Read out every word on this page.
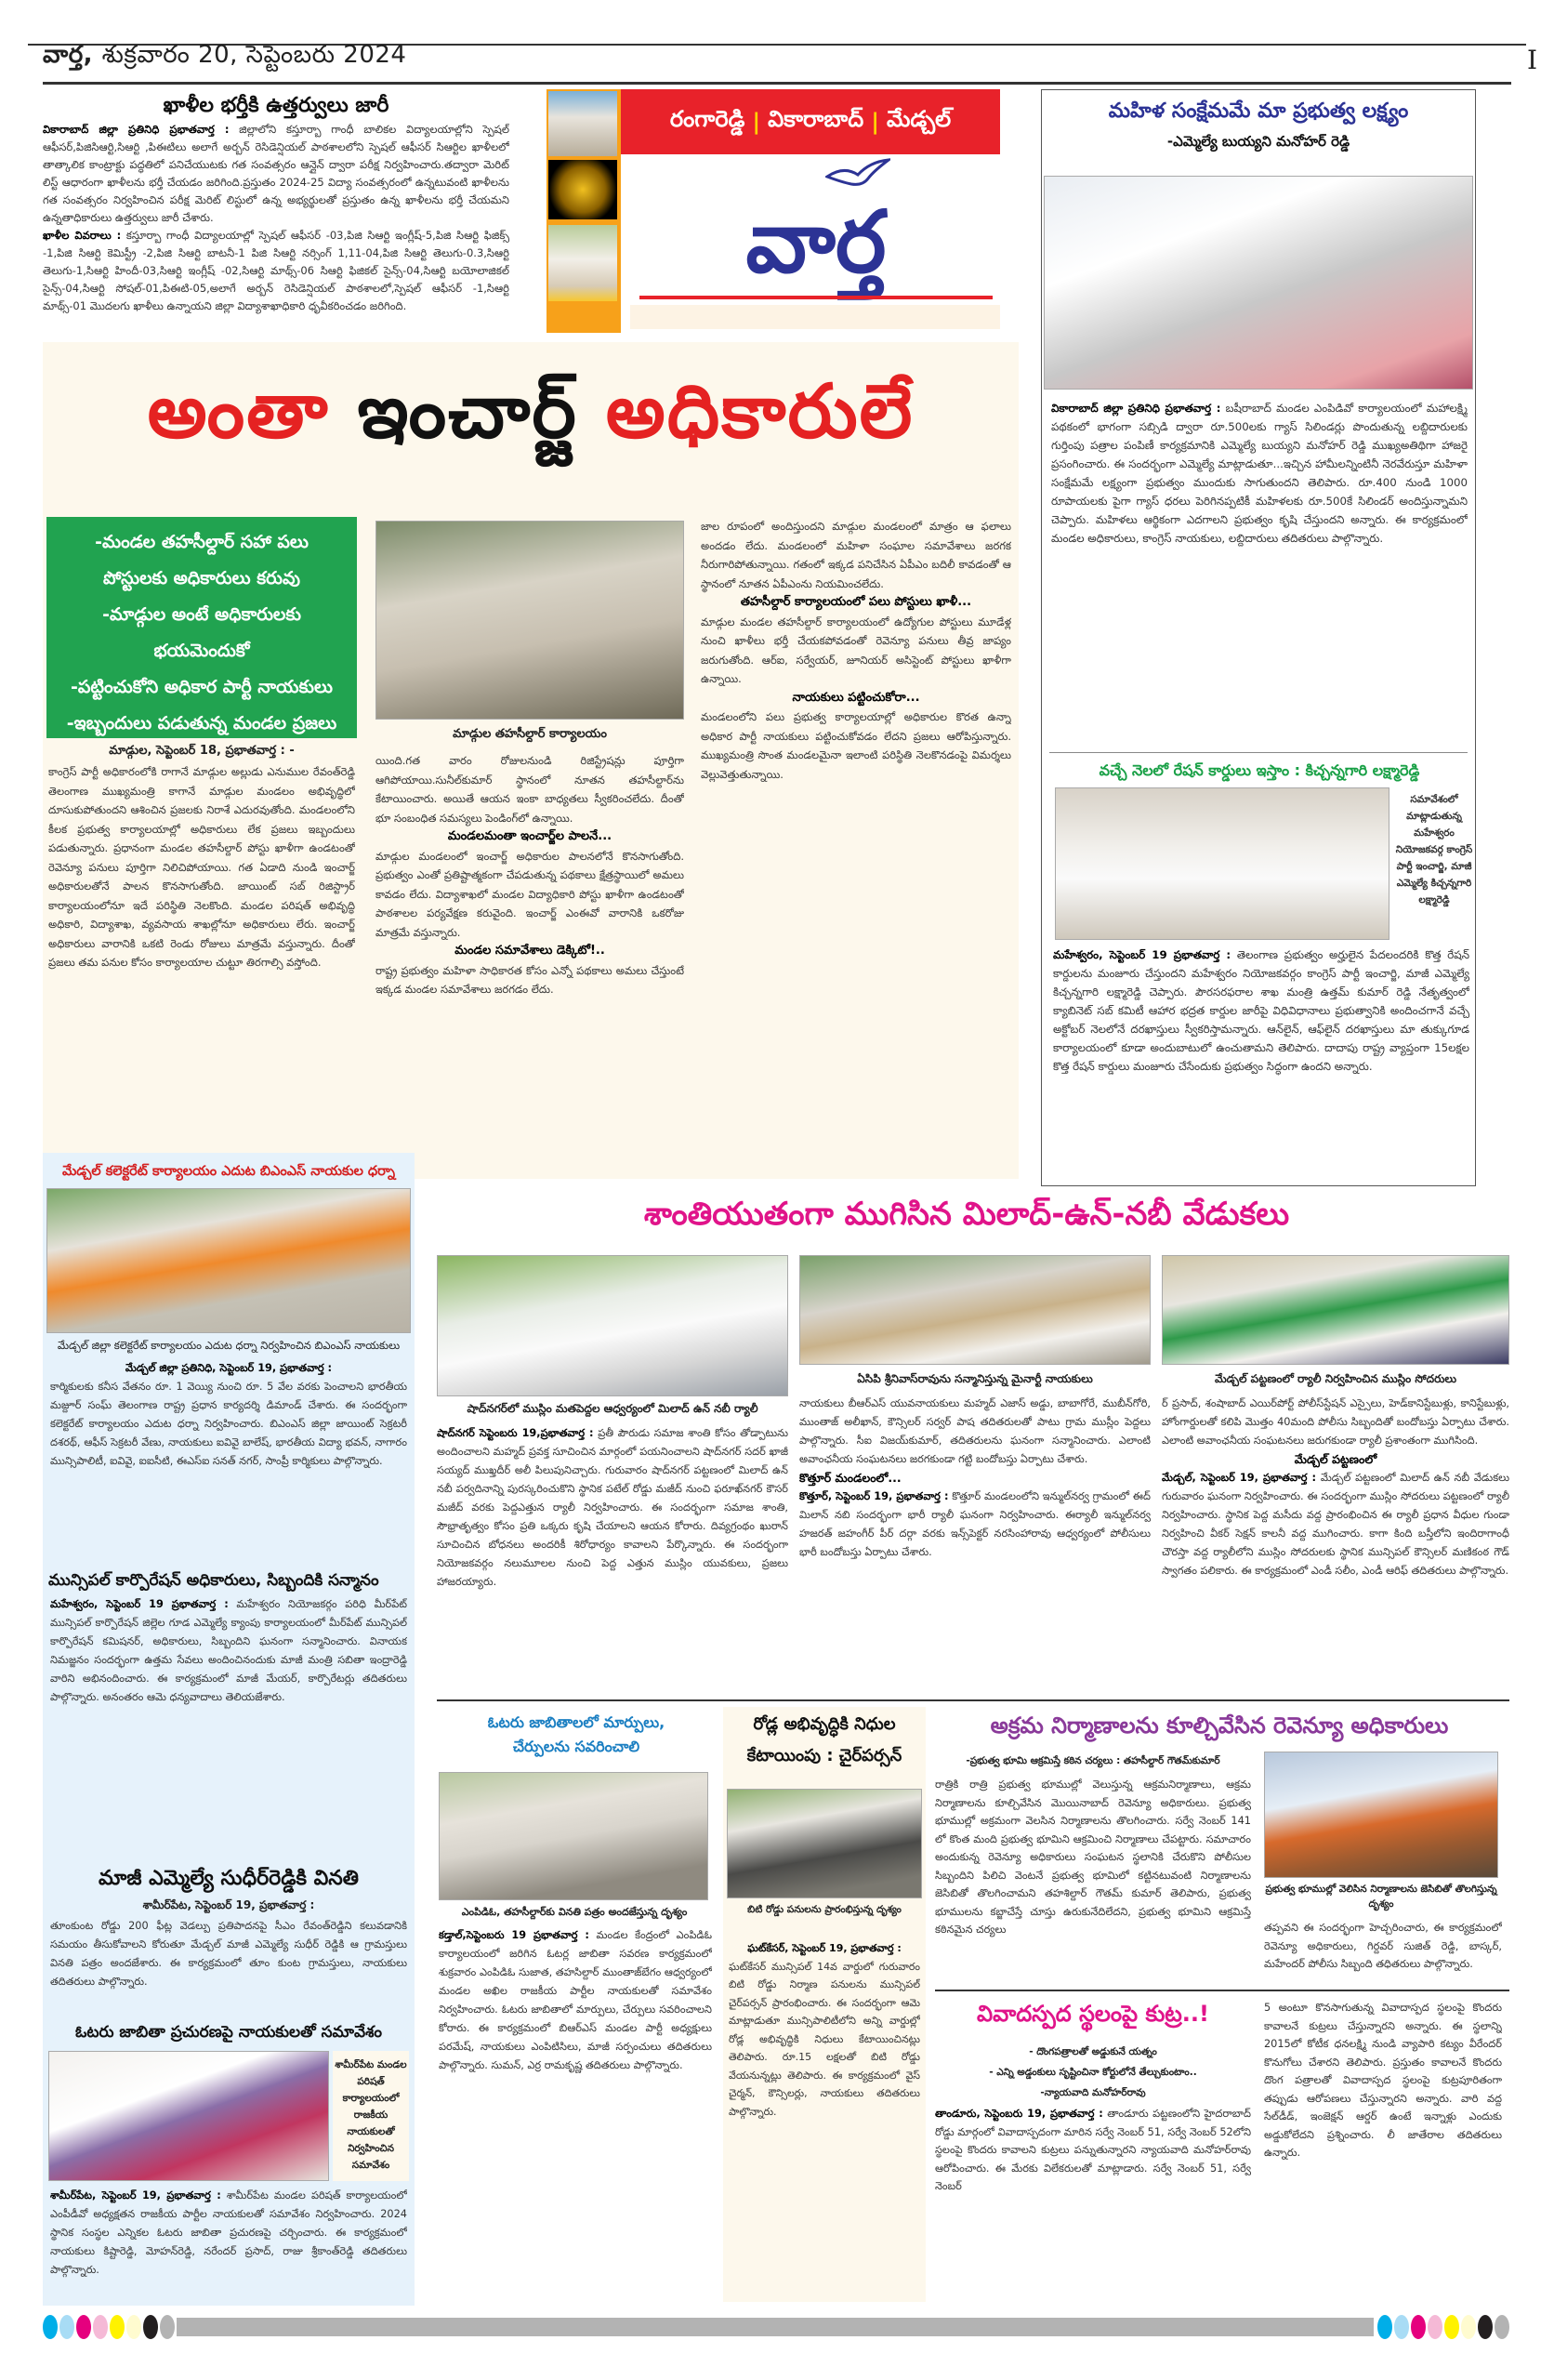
వార్త, శుక్రవారం 20, సెప్టెంబరు 2024	I
ఖాళీల భర్తీకి ఉత్తర్వులు జారీ
వికారాబాద్ జిల్లా ప్రతినిధి ప్రభాతవార్త : జిల్లాలోని కస్తూర్బా గాంధీ బాలికల విద్యాలయాల్లోని స్పెషల్ ఆఫీసర్,పిజిసిఆర్టి,సిఆర్టి ,పిఈటిలు అలాగే అర్బన్ రెసిడెన్షియల్ పాఠశాలలోని స్పెషల్ ఆఫీసర్ సిఆర్టిల ఖాళీలలో తాత్కాలిక కాంట్రాక్టు పద్ధతిలో పనిచేయుటకు గత సంవత్సరం ఆన్లైన్ ద్వారా పరీక్ష నిర్వహించారు.తద్వారా మెరిట్ లిస్ట్ ఆధారంగా ఖాళీలను భర్తీ చేయడం జరిగింది.ప్రస్తుతం 2024-25 విద్యా సంవత్సరంలో ఉన్నటువంటి ఖాళీలను గత సంవత్సరం నిర్వహించిన పరీక్ష మెరిట్ లిస్టులో ఉన్న అభ్యర్థులతో ప్రస్తుతం ఉన్న ఖాళీలను భర్తీ చేయమని ఉన్నతాధికారులు ఉత్తర్వులు జారీ చేశారు.
ఖాళీల వివరాలు : కస్తూర్బా గాంధీ విద్యాలయాల్లో స్పెషల్ ఆఫీసర్ -03,పిజి సిఆర్టి ఇంగ్లీష్-5,పిజి సిఆర్టి ఫిజిక్స్ -1,పిజి సిఆర్టి కెమిస్ట్రీ -2,పిజి సిఆర్టి బాటనీ-1 పిజి సిఆర్టి నర్సింగ్ 1,11-04,పిజి సిఆర్టి తెలుగు-0.3,సిఆర్టి తెలుగు-1,సిఆర్టి హిందీ-03,సిఆర్టి ఇంగ్లీష్ -02,సిఆర్టి మాథ్స్-06 సిఆర్టి ఫిజికల్ సైన్స్-04,సిఆర్టి బయోలాజికల్ సైన్స్-04,సిఆర్టి సోషల్-01,పిఈటి-05,అలాగే అర్బన్ రెసిడెన్షియల్ పాఠశాలలో,స్పెషల్ ఆఫీసర్ -1,సిఆర్టి మాథ్స్-01 మొదలగు ఖాళీలు ఉన్నాయని జిల్లా విద్యాశాఖాధికారి ధృవీకరించడం జరిగింది.
రంగారెడ్డి | వికారాబాద్ | మేడ్చల్
వార్త
మహిళ సంక్షేమమే మా ప్రభుత్వ లక్ష్యం
-ఎమ్మెల్యే బుయ్యని మనోహర్ రెడ్డి
వికారాబాద్ జిల్లా ప్రతినిధి ప్రభాతవార్త : బషీరాబాద్ మండల ఎంపిడివో కార్యాలయంలో మహాలక్ష్మి పథకంలో భాగంగా సబ్సిడి ద్వారా రూ.500లకు గ్యాస్ సిలిండర్లు పొందుతున్న లబ్దిదారులకు గుర్తింపు పత్రాల పంపిణీ కార్యక్రమానికి ఎమ్మెల్యే బుయ్యని మనోహర్ రెడ్డి ముఖ్యఅతిథిగా హాజరై ప్రసంగించారు. ఈ సందర్భంగా ఎమ్మెల్యే మాట్లాడుతూ...ఇచ్చిన హామీలన్నింటినీ నెరవేరుస్తూ మహిళా సంక్షేమమే లక్ష్యంగా ప్రభుత్వం ముందుకు సాగుతుందని తెలిపారు. రూ.400 నుండి 1000 రూపాయలకు పైగా గ్యాస్ ధరలు పెరిగినప్పటికీ మహిళలకు రూ.500కే సిలిండర్ అందిస్తున్నామని చెప్పారు. మహిళలు ఆర్థికంగా ఎదగాలని ప్రభుత్వం కృషి చేస్తుందని అన్నారు. ఈ కార్యక్రమంలో మండల అధికారులు, కాంగ్రెస్ నాయకులు, లబ్దిదారులు తదితరులు పాల్గొన్నారు.
వచ్చే నెలలో రేషన్ కార్డులు ఇస్తాం : కిచ్చన్నగారి లక్ష్మారెడ్డి
సమావేశంలో మాట్లాడుతున్న మహేశ్వరం నియోజకవర్గ కాంగ్రెస్ పార్టీ ఇంచార్జి, మాజీ ఎమ్మెల్యే కిచ్చన్నగారి లక్ష్మారెడ్డి
మహేశ్వరం, సెప్టెంబర్ 19 ప్రభాతవార్త : తెలంగాణ ప్రభుత్వం అర్హులైన పేదలందరికి కొత్త రేషన్ కార్డులను మంజూరు చేస్తుందని మహేశ్వరం నియోజకవర్గం కాంగ్రెస్ పార్టీ ఇంచార్జి, మాజీ ఎమ్మెల్యే కిచ్చన్నగారి లక్ష్మారెడ్డి చెప్పారు. పౌరసరఫరాల శాఖ మంత్రి ఉత్తమ్ కుమార్ రెడ్డి నేతృత్వంలో క్యాబినెట్ సబ్ కమిటీ ఆహార భద్రత కార్డుల జారీపై విధివిధానాలు ప్రభుత్వానికి అందించగానే వచ్చే అక్టోబర్ నెలలోనే దరఖాస్తులు స్వీకరిస్తామన్నారు. ఆన్‌లైన్, ఆఫ్‌లైన్ దరఖాస్తులు మా తుక్కుగూడ కార్యాలయంలో కూడా అందుబాటులో ఉంచుతామని తెలిపారు. దాదాపు రాష్ట్ర వ్యాప్తంగా 15లక్షల కొత్త రేషన్ కార్డులు మంజూరు చేసేందుకు ప్రభుత్వం సిద్ధంగా ఉందని అన్నారు.
అంతా ఇంచార్జ్ అధికారులే
-మండల తహసీల్దార్ సహా పలు
పోస్టులకు అధికారులు కరువు
-మాడ్గుల అంటే అధికారులకు
భయమెందుకో
-పట్టించుకోని అధికార పార్టీ నాయకులు
-ఇబ్బందులు పడుతున్న మండల ప్రజలు
మాడ్గుల తహసీల్దార్ కార్యాలయం
మాడ్గుల, సెప్టెంబర్ 18, ప్రభాతవార్త : -
కాంగ్రెస్ పార్టీ అధికారంలోకి రాగానే మాడ్గుల అల్లుడు ఎనుముల రేవంత్‌రెడ్డి తెలంగాణ ముఖ్యమంత్రి కాగానే మాడ్గుల మండలం అభివృద్ధిలో దూసుకుపోతుందని ఆశించిన ప్రజలకు నిరాశే ఎదురవుతోంది. మండలంలోని కీలక ప్రభుత్వ కార్యాలయాల్లో అధికారులు లేక ప్రజలు ఇబ్బందులు పడుతున్నారు. ప్రధానంగా మండల తహసీల్దార్ పోస్టు ఖాళీగా ఉండటంతో రెవెన్యూ పనులు పూర్తిగా నిలిచిపోయాయి. గత ఏడాది నుండి ఇంచార్జ్ అధికారులతోనే పాలన కొనసాగుతోంది. జాయింట్ సబ్ రిజిస్ట్రార్ కార్యాలయంలోనూ ఇదే పరిస్థితి నెలకొంది. మండల పరిషత్ అభివృద్ధి అధికారి, విద్యాశాఖ, వ్యవసాయ శాఖల్లోనూ అధికారులు లేరు. ఇంచార్జ్ అధికారులు వారానికి ఒకటి రెండు రోజులు మాత్రమే వస్తున్నారు. దీంతో ప్రజలు తమ పనుల కోసం కార్యాలయాల చుట్టూ తిరగాల్సి వస్తోంది.
యింది.గత వారం రోజులనుండి రిజిస్ట్రేషన్లు పూర్తిగా ఆగిపోయాయి.సునీల్‌కుమార్ స్థానంలో నూతన తహసీల్దార్‌ను కేటాయించారు. అయితే ఆయన ఇంకా బాధ్యతలు స్వీకరించలేదు. దీంతో భూ సంబంధిత సమస్యలు పెండింగ్‌లో ఉన్నాయి.
మండలమంతా ఇంచార్జ్‌ల పాలనే...
మాడ్గుల మండలంలో ఇంచార్జ్ అధికారుల పాలనలోనే కొనసాగుతోంది. ప్రభుత్వం ఎంతో ప్రతిష్టాత్మకంగా చేపడుతున్న పథకాలు క్షేత్రస్థాయిలో అమలు కావడం లేదు. విద్యాశాఖలో మండల విద్యాధికారి పోస్టు ఖాళీగా ఉండటంతో పాఠశాలల పర్యవేక్షణ కరువైంది. ఇంచార్జ్ ఎంఈవో వారానికి ఒకరోజు మాత్రమే వస్తున్నారు.
మండల సమావేశాలు డెక్కిటో!..
రాష్ట్ర ప్రభుత్వం మహిళా సాధికారత కోసం ఎన్నో పథకాలు అమలు చేస్తుంటే ఇక్కడ మండల సమావేశాలు జరగడం లేదు.
జాల రూపంలో అందిస్తుందని మాడ్గుల మండలంలో మాత్రం ఆ ఫలాలు అందడం లేదు. మండలంలో మహిళా సంఘాల సమావేశాలు జరగక నీరుగారిపోతున్నాయి. గతంలో ఇక్కడ పనిచేసిన ఏపీఎం బదిలీ కావడంతో ఆ స్థానంలో నూతన ఏపీఎంను నియమించలేదు.
తహసీల్దార్ కార్యాలయంలో పలు పోస్టులు ఖాళీ...
మాడ్గుల మండల తహసీల్దార్ కార్యాలయంలో ఉద్యోగుల పోస్టులు మూడేళ్ల నుంచి ఖాళీలు భర్తీ చేయకపోవడంతో రెవెన్యూ పనులు తీవ్ర జాప్యం జరుగుతోంది. ఆర్‌ఐ, సర్వేయర్, జూనియర్ అసిస్టెంట్ పోస్టులు ఖాళీగా ఉన్నాయి.
నాయకులు పట్టించుకోరా...
మండలంలోని పలు ప్రభుత్వ కార్యాలయాల్లో అధికారుల కొరత ఉన్నా అధికార పార్టీ నాయకులు పట్టించుకోవడం లేదని ప్రజలు ఆరోపిస్తున్నారు. ముఖ్యమంత్రి సొంత మండలమైనా ఇలాంటి పరిస్థితి నెలకొనడంపై విమర్శలు వెల్లువెత్తుతున్నాయి.
మేడ్చల్ కలెక్టరేట్ కార్యాలయం ఎదుట బిఎంఎస్ నాయకుల ధర్నా
మేడ్చల్ జిల్లా కలెక్టరేట్ కార్యాలయం ఎదుట ధర్నా నిర్వహించిన బిఎంఎస్ నాయకులు
మేడ్చల్ జిల్లా ప్రతినిధి, సెప్టెంబర్ 19, ప్రభాతవార్త :
కార్మికులకు కనీస వేతనం రూ. 1 వెయ్యి నుంచి రూ. 5 వేల వరకు పెంచాలని భారతీయ మజ్దూర్ సంఘ్ తెలంగాణ రాష్ట్ర ప్రధాన కార్యదర్శి డిమాండ్ చేశారు. ఈ సందర్భంగా కలెక్టరేట్ కార్యాలయం ఎదుట ధర్నా నిర్వహించారు. బిఎంఎస్ జిల్లా జాయింట్ సెక్రటరీ దశరథ్, ఆఫీస్ సెక్రటరీ వేణు, నాయకులు ఐవివై బాలేష్, భారతీయ విద్యా భవన్, నాగారం మున్సిపాలిటీ, ఐవివై, ఐఐసీటి, ఈఎస్ఐ సనత్ నగర్, సాంప్రీ కార్మికులు పాల్గొన్నారు.
మున్సిపల్ కార్పొరేషన్ అధికారులు, సిబ్బందికి సన్మానం
మహేశ్వరం, సెప్టెంబర్ 19 ప్రభాతవార్త : మహేశ్వరం నియోజకర్గం పరిధి మీర్‌పేట్ మున్సిపల్ కార్పొరేషన్ జిల్లెల గూడ ఎమ్మెల్యే క్యాంపు కార్యాలయంలో మీర్‌పేట్ మున్సిపల్ కార్పొరేషన్ కమిషనర్, అధికారులు, సిబ్బందిని ఘనంగా సన్మానించారు. వినాయక నిమజ్జనం సందర్భంగా ఉత్తమ సేవలు అందించినందుకు మాజీ మంత్రి సబితా ఇంద్రారెడ్డి వారిని అభినందించారు. ఈ కార్యక్రమంలో మాజీ మేయర్, కార్పొరేటర్లు తదితరులు పాల్గొన్నారు. అనంతరం ఆమె ధన్యవాదాలు తెలియజేశారు.
మాజీ ఎమ్మెల్యే సుధీర్‌రెడ్డికి వినతి
శామీర్‌పేట, సెప్టెంబర్ 19, ప్రభాతవార్త :
తూంకుంట రోడ్డు 200 ఫీట్ల వెడల్పు ప్రతిపాదనపై సీఎం రేవంత్‌రెడ్డిని కలువడానికి సమయం తీసుకోవాలని కోరుతూ మేడ్చల్ మాజీ ఎమ్మెల్యే సుధీర్ రెడ్డికి ఆ గ్రామస్తులు వినతి పత్రం అందజేశారు. ఈ కార్యక్రమంలో తూం కుంట గ్రామస్తులు, నాయకులు తదితరులు పాల్గొన్నారు.
ఓటరు జాబితా ప్రచురణపై నాయకులతో సమావేశం
శామీర్‌పేట మండల పరిషత్ కార్యాలయంలో రాజకీయ నాయకులతో నిర్వహించిన సమావేశం
శామీర్‌పేట, సెప్టెంబర్ 19, ప్రభాతవార్త : శామీర్‌పేట మండల పరిషత్ కార్యాలయంలో ఎంపీడీవో అధ్యక్షతన రాజకీయ పార్టీల నాయకులతో సమావేశం నిర్వహించారు. 2024 స్థానిక సంస్థల ఎన్నికల ఓటరు జాబితా ప్రచురణపై చర్చించారు. ఈ కార్యక్రమంలో నాయకులు కిష్టారెడ్డి, మోహన్‌రెడ్డి, నరేందర్ ప్రసాద్, రాజు శ్రీకాంత్‌రెడ్డి తదితరులు పాల్గొన్నారు.
శాంతియుతంగా ముగిసిన మిలాద్-ఉన్-నబీ వేడుకలు
షాద్‌నగర్‌లో ముస్లిం మతపెద్దల ఆధ్వర్యంలో మిలాద్ ఉన్ నబీ ర్యాలీ
ఏసిపి శ్రీనివాస్‌రావును సన్మానిస్తున్న మైనార్టీ నాయకులు	మేడ్చల్ పట్టణంలో ర్యాలీ నిర్వహించిన ముస్లిం సోదరులు
షాద్‌నగర్ సెప్టెంబరు 19,ప్రభాతవార్త : ప్రతీ పౌరుడు సమాజ శాంతి కోసం తోడ్పాటును అందించాలని మహ్మద్ ప్రవక్త సూచించిన మార్గంలో పయనించాలని షాద్‌నగర్ సదర్ ఖాజీ సయ్యద్ ముఖ్తదీర్ అలీ పిలుపునిచ్చారు. గురువారం షాద్‌నగర్ పట్టణంలో మిలాద్ ఉన్ నబీ పర్వదినాన్ని పురస్కరించుకొని స్థానిక పటేల్ రోడ్డు మజీద్ నుంచి ఫరూఖ్‌నగర్ కౌసర్ మజీద్ వరకు పెద్దఎత్తున ర్యాలీ నిర్వహించారు. ఈ సందర్భంగా సమాజ శాంతి, సౌభ్రాతృత్వం కోసం ప్రతి ఒక్కరు కృషి చేయాలని ఆయన కోరారు. దివ్యగ్రంథం ఖురాన్ సూచించిన బోధనలు అందరికీ శిరోధార్యం కావాలని పేర్కొన్నారు. ఈ సందర్భంగా నియోజకవర్గం నలుమూలల నుంచి పెద్ద ఎత్తున ముస్లిం యువకులు, ప్రజలు హాజరయ్యారు.
నాయకులు బీఆర్ఎస్ యువనాయకులు మహ్మద్ ఎజాస్ అడ్డు, బాబాగోరే, ముబీన్‌గోరి, ముంతాజ్ అలీఖాన్, కౌన్సిలర్ సర్వర్ పాష తదితరులతో పాటు గ్రామ ముస్లీం పెద్దలు పాల్గొన్నారు. సీఐ విజయ్‌కుమార్, తదితరులను ఘనంగా సన్మానించారు. ఎలాంటి అవాంఛనీయ సంఘటనలు జరగకుండా గట్టి బందోబస్తు ఏర్పాటు చేశారు.
కొత్తూర్ మండలంలో...
కొత్తూర్, సెప్టెంబర్ 19, ప్రభాతవార్త : కొత్తూర్ మండలంలోని ఇన్ముల్‌నర్వ గ్రామంలో ఈద్ మిలాన్ నబి సందర్భంగా భారీ ర్యాలీ ఘనంగా నిర్వహించారు. ఈర్యాలీ ఇన్ముల్‌నర్వ హజరత్ జహంగీర్ పీర్ దర్గా వరకు ఇన్స్‌పెక్టర్ నరసింహారావు ఆధ్వర్యంలో పోలీసులు భారీ బందోబస్తు ఏర్పాటు చేశారు.
ర్ ప్రసాద్, శంషాబాద్ ఎయిర్‌పోర్ట్ పోలీస్‌స్టేషన్ ఎస్సైలు, హెడ్‌కానిస్టేబుళ్లు, కానిస్టేబుళ్లు, హోంగార్డులతో కలిపి మొత్తం 40మంది పోలీసు సిబ్బందితో బందోబస్తు ఏర్పాటు చేశారు. ఎలాంటి అవాంఛనీయ సంఘటనలు జరుగకుండా ర్యాలీ ప్రశాంతంగా ముగిసింది.
మేడ్చల్ పట్టణంలో
మేడ్చల్, సెప్టెంబర్ 19, ప్రభాతవార్త : మేడ్చల్ పట్టణంలో మిలాద్ ఉన్ నబీ వేడుకలు గురువారం ఘనంగా నిర్వహించారు. ఈ సందర్భంగా ముస్లిం సోదరులు పట్టణంలో ర్యాలీ నిర్వహించారు. స్థానిక పెద్ద మసీదు వద్ద ప్రారంభించిన ఈ ర్యాలీ ప్రధాన వీధుల గుండా నిర్వహించి వీకర్ సెక్షన్ కాలనీ వద్ద ముగించారు. కాగా కింది బస్తీలోని ఇందిరాగాంధీ చౌరస్తా వద్ద ర్యాలీలోని ముస్లిం సోదరులకు స్థానిక మున్సిపల్ కౌన్సిలర్ మణికంఠ గౌడ్ స్వాగతం పలికారు. ఈ కార్యక్రమంలో ఎండీ సలీం, ఎండీ ఆరిఫ్ తదితరులు పాల్గొన్నారు.
ఓటరు జాబితాలలో మార్పులు, చేర్పులను సవరించాలి
ఎంపిడిఓ, తహసీల్దార్‌కు వినతి పత్రం అందజేస్తున్న దృశ్యం
కడ్తాల్,సెప్టెంబరు 19 ప్రభాతవార్త : మండల కేంద్రంలో ఎంపిడిఓ కార్యాలయంలో జరిగిన ఓటర్ల జాబితా సవరణ కార్యక్రమంలో శుక్రవారం ఎంపిడిఓ సుజాత, తహసిల్దార్ ముంతాజ్‌బేగం ఆధ్వర్యంలో మండల అఖిల రాజకీయ పార్టీల నాయకులతో సమావేశం నిర్వహించారు. ఓటరు జాబితాలో మార్పులు, చేర్పులు సవరించాలని కోరారు. ఈ కార్యక్రమంలో బిఆర్ఎస్ మండల పార్టీ అధ్యక్షులు పరమేష్, నాయకులు ఎంపిటిసిలు, మాజీ సర్పంచులు తదితరులు పాల్గొన్నారు. సుమన్, ఎర్ర రామకృష్ణ తదితరులు పాల్గొన్నారు.
రోడ్ల అభివృద్ధికి నిధుల కేటాయింపు : చైర్‌పర్సన్
బిటి రోడ్డు పనులను ప్రారంభిస్తున్న దృశ్యం
ఘట్‌కేసర్, సెప్టెంబర్ 19, ప్రభాతవార్త :
ఘట్‌కేసర్ మున్సిపల్ 14వ వార్డులో గురువారం బిటి రోడ్డు నిర్మాణ పనులను మున్సిపల్ చైర్‌పర్సన్ ప్రారంభించారు. ఈ సందర్భంగా ఆమె మాట్లాడుతూ మున్సిపాలిటీలోని అన్ని వార్డుల్లో రోడ్ల అభివృద్ధికి నిధులు కేటాయించినట్లు తెలిపారు. రూ.15 లక్షలతో బిటి రోడ్డు వేయనున్నట్లు తెలిపారు. ఈ కార్యక్రమంలో వైస్ చైర్మన్, కౌన్సిలర్లు, నాయకులు తదితరులు పాల్గొన్నారు.
అక్రమ నిర్మాణాలను కూల్చివేసిన రెవెన్యూ అధికారులు
-ప్రభుత్వ భూమి ఆక్రమిస్తే కఠిన చర్యలు : తహసీల్దార్ గౌతమ్‌కుమార్
రాత్రికి రాత్రి ప్రభుత్వ భూముల్లో వెలుస్తున్న ఆక్రమనిర్మాణాలు, ఆక్రమ నిర్మాణాలను కూల్చివేసిన మొయినాబాద్ రెవెన్యూ అధికారులు. ప్రభుత్వ భూముల్లో అక్రమంగా వెలసిన నిర్మాణాలను తొలగించారు. సర్వే నెంబర్ 141 లో కొంత మంది ప్రభుత్వ భూమిని ఆక్రమించి నిర్మాణాలు చేపట్టారు. సమాచారం అందుకున్న రెవెన్యూ అధికారులు సంఘటన స్థలానికి చేరుకొని పోలీసుల సిబ్బందిని పిలిచి వెంటనే ప్రభుత్వ భూమిలో కట్టినటువంటి నిర్మాణాలను జెసిబితో తొలగించామని తహశిల్దార్ గౌతమ్ కుమార్ తెలిపారు, ప్రభుత్వ భూములను కబ్జాచేస్తే చూస్తు ఉరుకునేదిలేదని, ప్రభుత్వ భూమిని ఆక్రమిస్తే కఠినమైన చర్యలు
ప్రభుత్వ భూముల్లో వెలిసిన నిర్మాణాలను జెసిబితో తొలగిస్తున్న దృశ్యం
తప్పవని ఈ సందర్భంగా హెచ్చరించారు, ఈ కార్యక్రమంలో రెవెన్యూ అధికారులు, గిర్దవర్ సుజిత్ రెడ్డి, బాస్కర్, మహేందర్ పోలీసు సిబ్బంది తధితరులు పాల్గొన్నారు.
వివాదస్పద స్థలంపై కుట్ర..!
- దొంగపత్రాలతో అడ్డుకునే యత్నం
- ఎన్ని అడ్డంకులు సృష్టించినా కోర్టులోనే తేల్చుకుంటాం..
-న్యాయవాది మనోహర్‌రావు
తాండూరు, సెప్టెంబరు 19, ప్రభాతవార్త : తాండూరు పట్టణంలోని హైదరాబాద్ రోడ్డు మార్గంలో వివాదాస్పదంగా మారిన సర్వే నెంబర్ 51, సర్వే నెంబర్ 52లోని స్థలంపై కొందరు కావాలని కుట్రలు పన్నుతున్నారని న్యాయవాది మనోహర్‌రావు ఆరోపించారు. ఈ మేరకు విలేకరులతో మాట్లాడారు. సర్వే నెంబర్ 51, సర్వే నెంబర్
5 అంటూ కొనసాగుతున్న వివాదాస్పద స్థలంపై కొందరు కావాలనే కుట్రలు చేస్తున్నారని అన్నారు. ఈ స్థలాన్ని 2015లో కోటీక ధనలక్ష్మి నుండి వ్యాపారి కట్యం వీరేందర్ కొనుగోలు చేశారని తెలిపారు. ప్రస్తుతం కావాలనే కొందరు దొంగ పత్రాలతో వివాదాస్పద స్థలంపై కుట్రపూరితంగా తప్పుడు ఆరోపణలు చేస్తున్నారని అన్నారు. వారి వద్ద సేల్‌డీడ్, ఇంజెక్షన్ ఆర్డర్ ఉంటే ఇన్నాళ్లు ఎందుకు అడ్డుకోలేదని ప్రశ్నించారు. లీ జాతేరాల తదితరులు ఉన్నారు.
